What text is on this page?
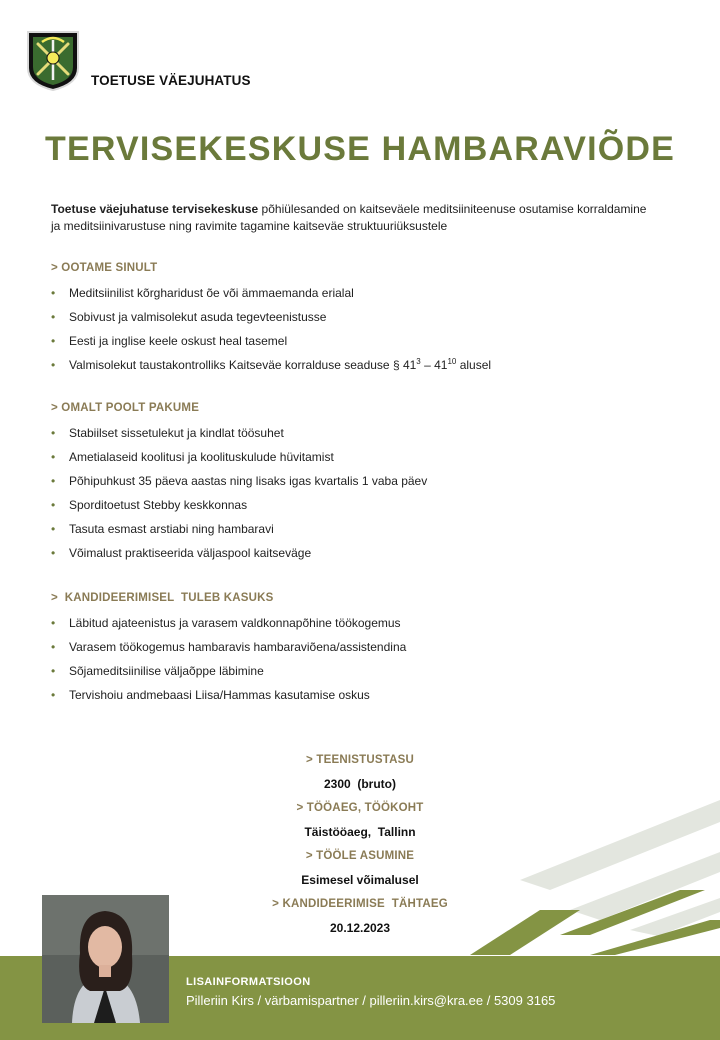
TOETUSE VÄEJUHATUS
TERVISEKESKUSE HAMBARAVIÕDE

Toetuse väejuhatuse tervisekeskuse põhiülesanded on kaitseväele meditsiiniteenuse osutamise korraldamine ja meditsiinivarustuse ning ravimite tagamine kaitseväe struktuuriüksustele

> OOTAME SINULT
• Meditsiinilist kõrgharidust õe või ämmaemanda erialal
• Sobivust ja valmisolekut asuda tegevteenistusse
• Eesti ja inglise keele oskust heal tasemel
• Valmisolekut taustakontrolliks Kaitseväe korralduse seaduse § $41^3 - 41^{10}$ alusel
> OMALT POOLT PAKUME
• Stabiilset sissetulekut ja kindlat töösuhet
• Ametialaseid koolitusi ja koolituskulude hüvitamist
• Põhipuhkust 35 päeva aastas ning lisaks igas kvartalis 1 vaba päev
• Sporditoetust Stebby keskkonnas
• Tasuta esmast arstiabi ning hambaravi
• Võimalust praktiseerida väljaspool kaitseväge
>  KANDIDEERIMISEL  TULEB KASUKS
• Läbitud ajateenistus ja varasem valdkonnapõhine töökogemus
• Varasem töökogemus hambaravis hambaraviõena/assistendina
• Sõjameditsiinilise väljaõppe läbimine
• Tervishoiu andmebaasi Liisa/Hammas kasutamise oskus
> TEENISTUSTASU
2300  (bruto)
> TÖÖAEG, TÖÖKOHT
Täistööaeg,  Tallinn
> TÖÖLE ASUMINE
Esimesel võimalusel
> KANDIDEERIMISE  TÄHTAEG
20.12.2023
LISAINFORMATSIOON
Pilleriin Kirs / värbamispartner / pilleriin.kirs@kra.ee / 5309 3165
